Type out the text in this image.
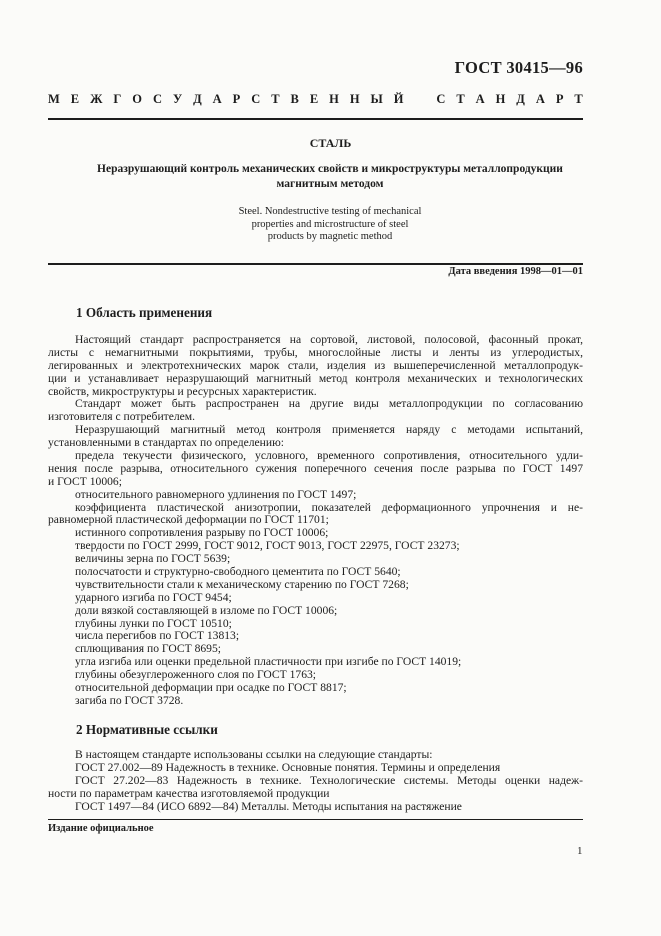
ГОСТ 30415—96
М Е Ж Г О С У Д А Р С Т В Е Н Н Ы Й	С Т А Н Д А Р Т
СТАЛЬ
Неразрушающий контроль механических свойств и микроструктуры металлопродукции
магнитным методом
Steel. Nondestructive testing of mechanical
properties and microstructure of steel
products by magnetic method
Дата введения 1998—01—01
1 Область применения
Настоящий стандарт распространяется на сортовой, листовой, полосовой, фасонный прокат,
листы с немагнитными покрытиями, трубы, многослойные листы и ленты из углеродистых,
легированных и электротехнических марок стали, изделия из вышеперечисленной металлопродук-
ции и устанавливает неразрушающий магнитный метод контроля механических и технологических
свойств, микроструктуры и ресурсных характеристик.
Стандарт может быть распространен на другие виды металлопродукции по согласованию
изготовителя с потребителем.
Неразрушающий магнитный метод контроля применяется наряду с методами испытаний,
установленными в стандартах по определению:
предела текучести физического, условного, временного сопротивления, относительного удли-
нения после разрыва, относительного сужения поперечного сечения после разрыва по ГОСТ 1497
и ГОСТ 10006;
относительного равномерного удлинения по ГОСТ 1497;
коэффициента пластической анизотропии, показателей деформационного упрочнения и не-
равномерной пластической деформации по ГОСТ 11701;
истинного сопротивления разрыву по ГОСТ 10006;
твердости по ГОСТ 2999, ГОСТ 9012, ГОСТ 9013, ГОСТ 22975, ГОСТ 23273;
величины зерна по ГОСТ 5639;
полосчатости и структурно-свободного цементита по ГОСТ 5640;
чувствительности стали к механическому старению по ГОСТ 7268;
ударного изгиба по ГОСТ 9454;
доли вязкой составляющей в изломе по ГОСТ 10006;
глубины лунки по ГОСТ 10510;
числа перегибов по ГОСТ 13813;
сплющивания по ГОСТ 8695;
угла изгиба или оценки предельной пластичности при изгибе по ГОСТ 14019;
глубины обезуглероженного слоя по ГОСТ 1763;
относительной деформации при осадке по ГОСТ 8817;
загиба по ГОСТ 3728.
2 Нормативные ссылки
В настоящем стандарте использованы ссылки на следующие стандарты:
ГОСТ 27.002—89 Надежность в технике. Основные понятия. Термины и определения
ГОСТ 27.202—83 Надежность в технике. Технологические системы. Методы оценки надеж-
ности по параметрам качества изготовляемой продукции
ГОСТ 1497—84 (ИСО 6892—84) Металлы. Методы испытания на растяжение
Издание официальное
1
